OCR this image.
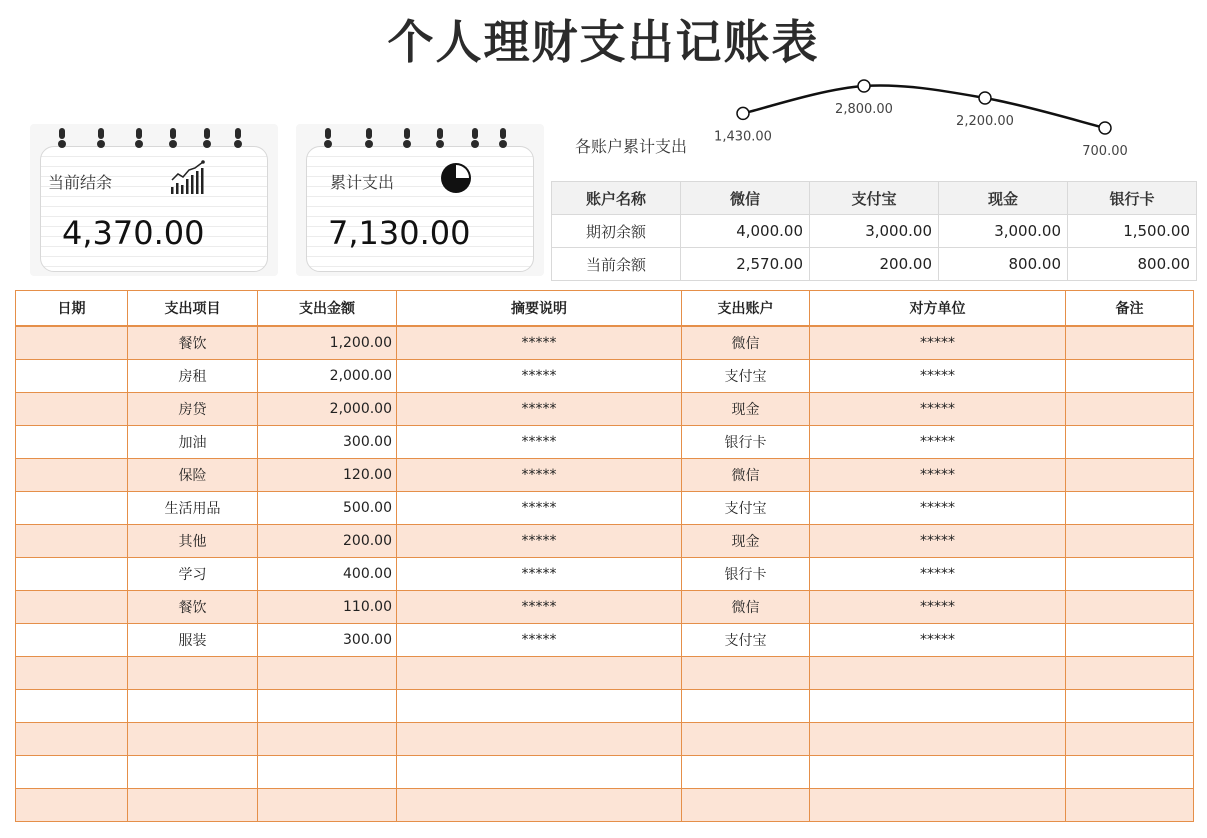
个人理财支出记账表
当前结余
4,370.00
累计支出
7,130.00
各账户累计支出
1,430.00
2,800.00
2,200.00
700.00
账户名称	微信	支付宝	现金	银行卡
期初余额	4,000.00	3,000.00	3,000.00	1,500.00
当前余额	2,570.00	200.00	800.00	800.00
日期	支出项目	支出金额	摘要说明	支出账户	对方单位	备注
	餐饮	1,200.00	*****	微信	*****	
	房租	2,000.00	*****	支付宝	*****	
	房贷	2,000.00	*****	现金	*****	
	加油	300.00	*****	银行卡	*****	
	保险	120.00	*****	微信	*****	
	生活用品	500.00	*****	支付宝	*****	
	其他	200.00	*****	现金	*****	
	学习	400.00	*****	银行卡	*****	
	餐饮	110.00	*****	微信	*****	
	服装	300.00	*****	支付宝	*****	
